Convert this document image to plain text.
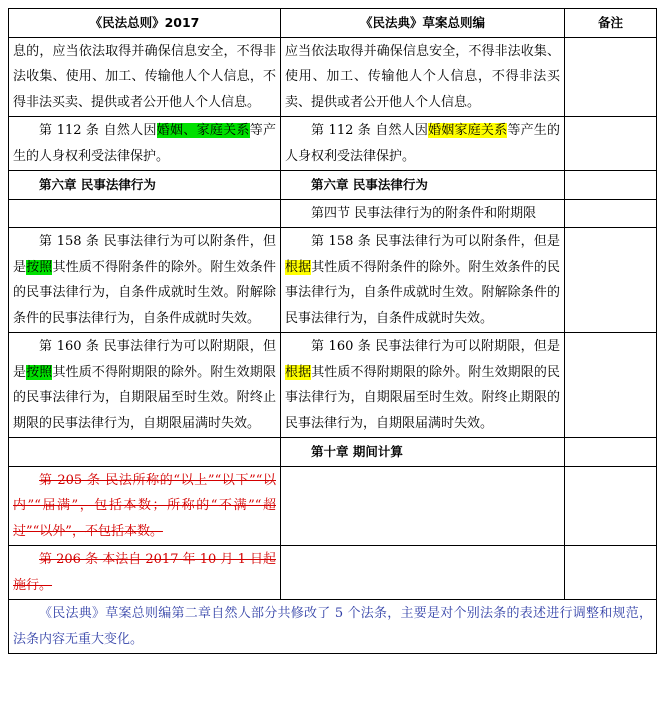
《民法总则》2017	《民法典》草案总则编	备注

息的，应当依法取得并确保信息安全，不得非法收集、使用、加工、传输他人个人信息，不得非法买卖、提供或者公开他人个人信息。	应当依法取得并确保信息安全，不得非法收集、使用、加工、传输他人个人信息，不得非法买卖、提供或者公开他人个人信息。	

第 112 条 自然人因婚姻、家庭关系等产生的人身权利受法律保护。	第 112 条 自然人因婚姻家庭关系等产生的人身权利受法律保护。	

第六章 民事法律行为	第六章 民事法律行为	
	第四节 民事法律行为的附条件和附期限	

第 158 条 民事法律行为可以附条件，但是按照其性质不得附条件的除外。附生效条件的民事法律行为，自条件成就时生效。附解除条件的民事法律行为，自条件成就时失效。	第 158 条 民事法律行为可以附条件，但是根据其性质不得附条件的除外。附生效条件的民事法律行为，自条件成就时生效。附解除条件的民事法律行为，自条件成就时失效。	

第 160 条 民事法律行为可以附期限，但是按照其性质不得附期限的除外。附生效期限的民事法律行为，自期限届至时生效。附终止期限的民事法律行为，自期限届满时失效。	第 160 条 民事法律行为可以附期限，但是根据其性质不得附期限的除外。附生效期限的民事法律行为，自期限届至时生效。附终止期限的民事法律行为，自期限届满时失效。	

	第十章 期间计算	

第 205 条 民法所称的“以上”“以下”“以内”“届满”，包括本数；所称的“不满”“超过”“以外”，不包括本数。		

第 206 条 本法自 2017 年 10 月 1 日起施行。		

《民法典》草案总则编第二章自然人部分共修改了 5 个法条，主要是对个别法条的表述进行调整和规范，法条内容无重大变化。		
